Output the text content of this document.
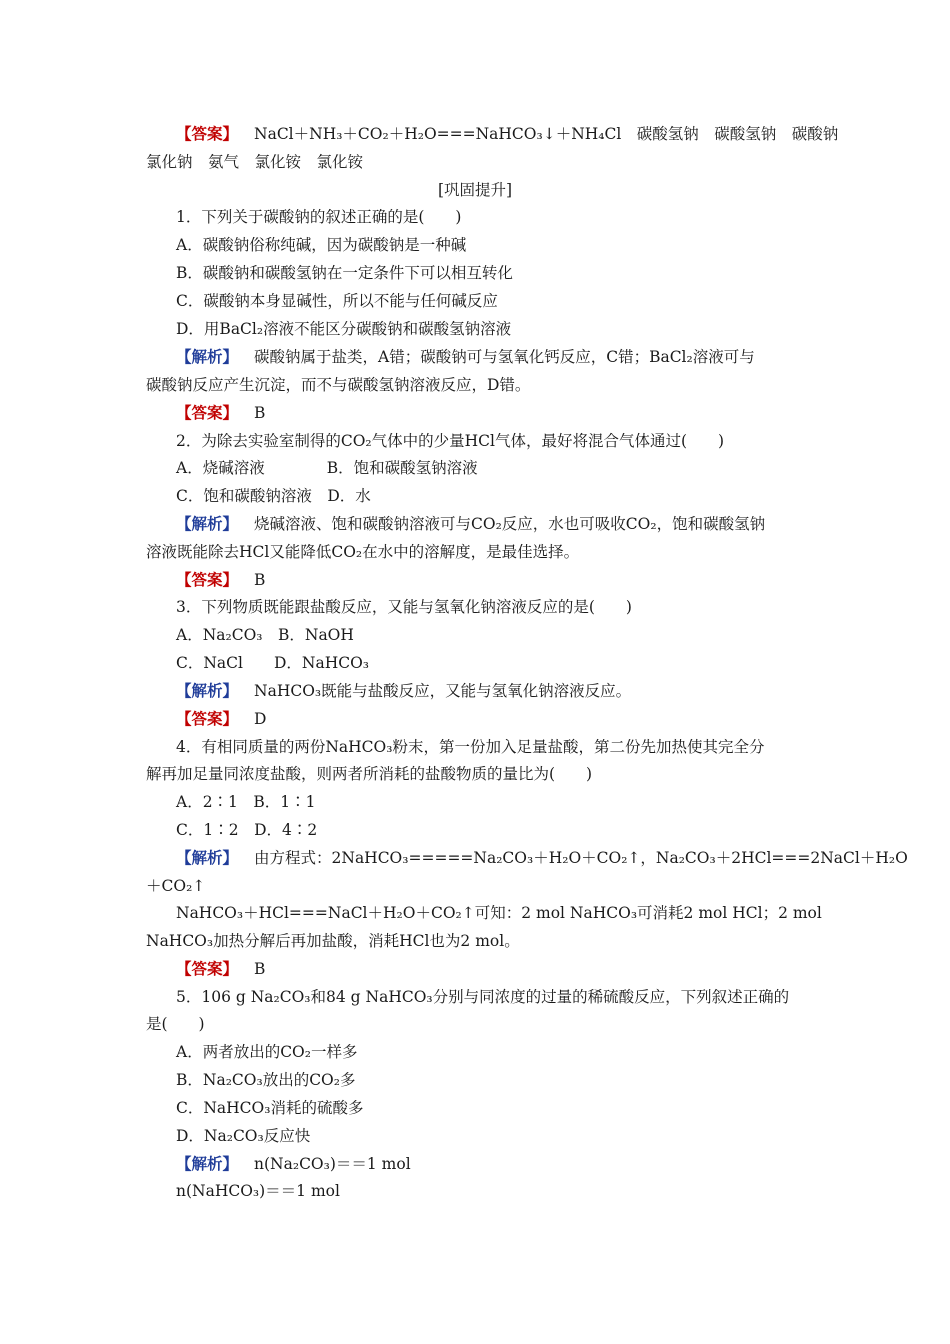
【答案】 NaCl＋NH₃＋CO₂＋H₂O===NaHCO₃↓＋NH₄Cl　碳酸氢钠　碳酸氢钠　碳酸钠
氯化钠　氨气　氯化铵　氯化铵
[巩固提升]
1．下列关于碳酸钠的叙述正确的是(　　)
A．碳酸钠俗称纯碱，因为碳酸钠是一种碱
B．碳酸钠和碳酸氢钠在一定条件下可以相互转化
C．碳酸钠本身显碱性，所以不能与任何碱反应
D．用BaCl₂溶液不能区分碳酸钠和碳酸氢钠溶液
【解析】 碳酸钠属于盐类，A错；碳酸钠可与氢氧化钙反应，C错；BaCl₂溶液可与
碳酸钠反应产生沉淀，而不与碳酸氢钠溶液反应，D错。
【答案】 B
2．为除去实验室制得的CO₂气体中的少量HCl气体，最好将混合气体通过(　　)
A．烧碱溶液　　　　B．饱和碳酸氢钠溶液
C．饱和碳酸钠溶液　D．水
【解析】 烧碱溶液、饱和碳酸钠溶液可与CO₂反应，水也可吸收CO₂，饱和碳酸氢钠
溶液既能除去HCl又能降低CO₂在水中的溶解度，是最佳选择。
【答案】 B
3．下列物质既能跟盐酸反应，又能与氢氧化钠溶液反应的是(　　)
A．Na₂CO₃　B．NaOH
C．NaCl　　D．NaHCO₃
【解析】 NaHCO₃既能与盐酸反应，又能与氢氧化钠溶液反应。
【答案】 D
4．有相同质量的两份NaHCO₃粉末，第一份加入足量盐酸，第二份先加热使其完全分
解再加足量同浓度盐酸，则两者所消耗的盐酸物质的量比为(　　)
A．2∶1　B．1∶1
C．1∶2　D．4∶2
【解析】 由方程式：2NaHCO₃=====Na₂CO₃＋H₂O＋CO₂↑，Na₂CO₃＋2HCl===2NaCl＋H₂O
＋CO₂↑
NaHCO₃＋HCl===NaCl＋H₂O＋CO₂↑可知：2 mol NaHCO₃可消耗2 mol HCl；2 mol
NaHCO₃加热分解后再加盐酸，消耗HCl也为2 mol。
【答案】 B
5．106 g Na₂CO₃和84 g NaHCO₃分别与同浓度的过量的稀硫酸反应，下列叙述正确的
是(　　)
A．两者放出的CO₂一样多
B．Na₂CO₃放出的CO₂多
C．NaHCO₃消耗的硫酸多
D．Na₂CO₃反应快
【解析】 n(Na₂CO₃)＝＝1 mol
n(NaHCO₃)＝＝1 mol
